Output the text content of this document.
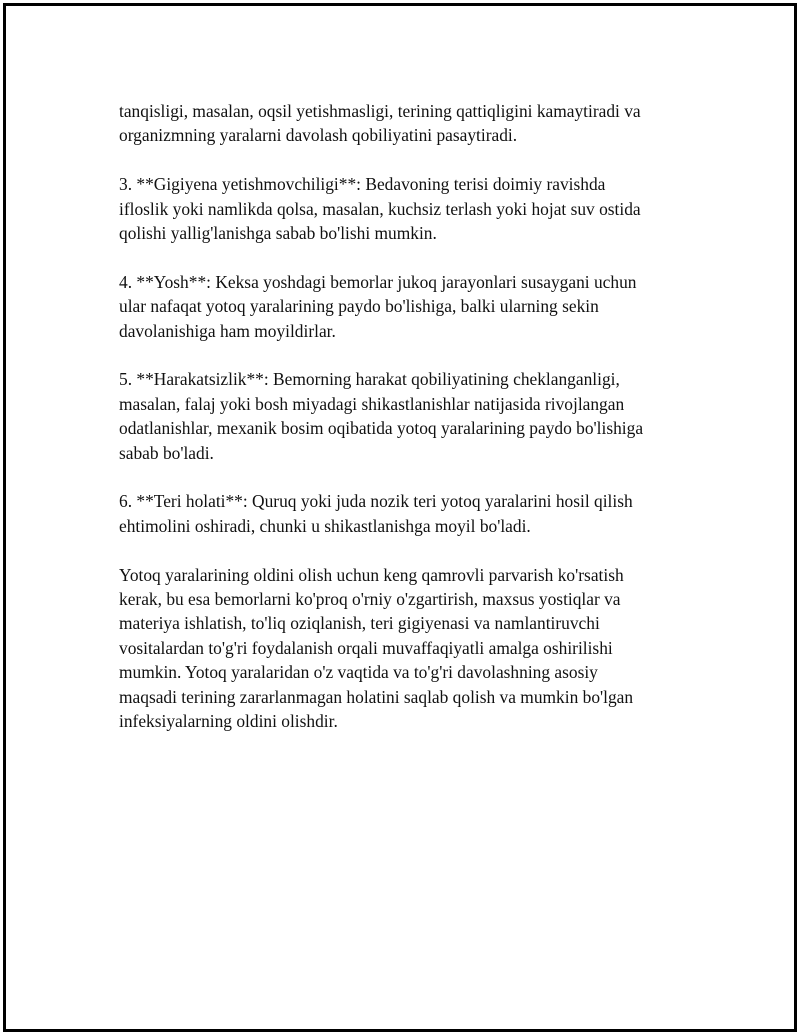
tanqisligi, masalan, oqsil yetishmasligi, terining qattiqligini kamaytiradi va
organizmning yaralarni davolash qobiliyatini pasaytiradi.

3. **Gigiyena yetishmovchiligi**: Bedavoning terisi doimiy ravishda
ifloslik yoki namlikda qolsa, masalan, kuchsiz terlash yoki hojat suv ostida
qolishi yallig'lanishga sabab bo'lishi mumkin.

4. **Yosh**: Keksa yoshdagi bemorlar jukoq jarayonlari susaygani uchun
ular nafaqat yotoq yaralarining paydo bo'lishiga, balki ularning sekin
davolanishiga ham moyildirlar.

5. **Harakatsizlik**: Bemorning harakat qobiliyatining cheklanganligi,
masalan, falaj yoki bosh miyadagi shikastlanishlar natijasida rivojlangan
odatlanishlar, mexanik bosim oqibatida yotoq yaralarining paydo bo'lishiga
sabab bo'ladi.

6. **Teri holati**: Quruq yoki juda nozik teri yotoq yaralarini hosil qilish
ehtimolini oshiradi, chunki u shikastlanishga moyil bo'ladi.

Yotoq yaralarining oldini olish uchun keng qamrovli parvarish ko'rsatish
kerak, bu esa bemorlarni ko'proq o'rniy o'zgartirish, maxsus yostiqlar va
materiya ishlatish, to'liq oziqlanish, teri gigiyenasi va namlantiruvchi
vositalardan to'g'ri foydalanish orqali muvaffaqiyatli amalga oshirilishi
mumkin. Yotoq yaralaridan o'z vaqtida va to'g'ri davolashning asosiy
maqsadi terining zararlanmagan holatini saqlab qolish va mumkin bo'lgan
infeksiyalarning oldini olishdir.
